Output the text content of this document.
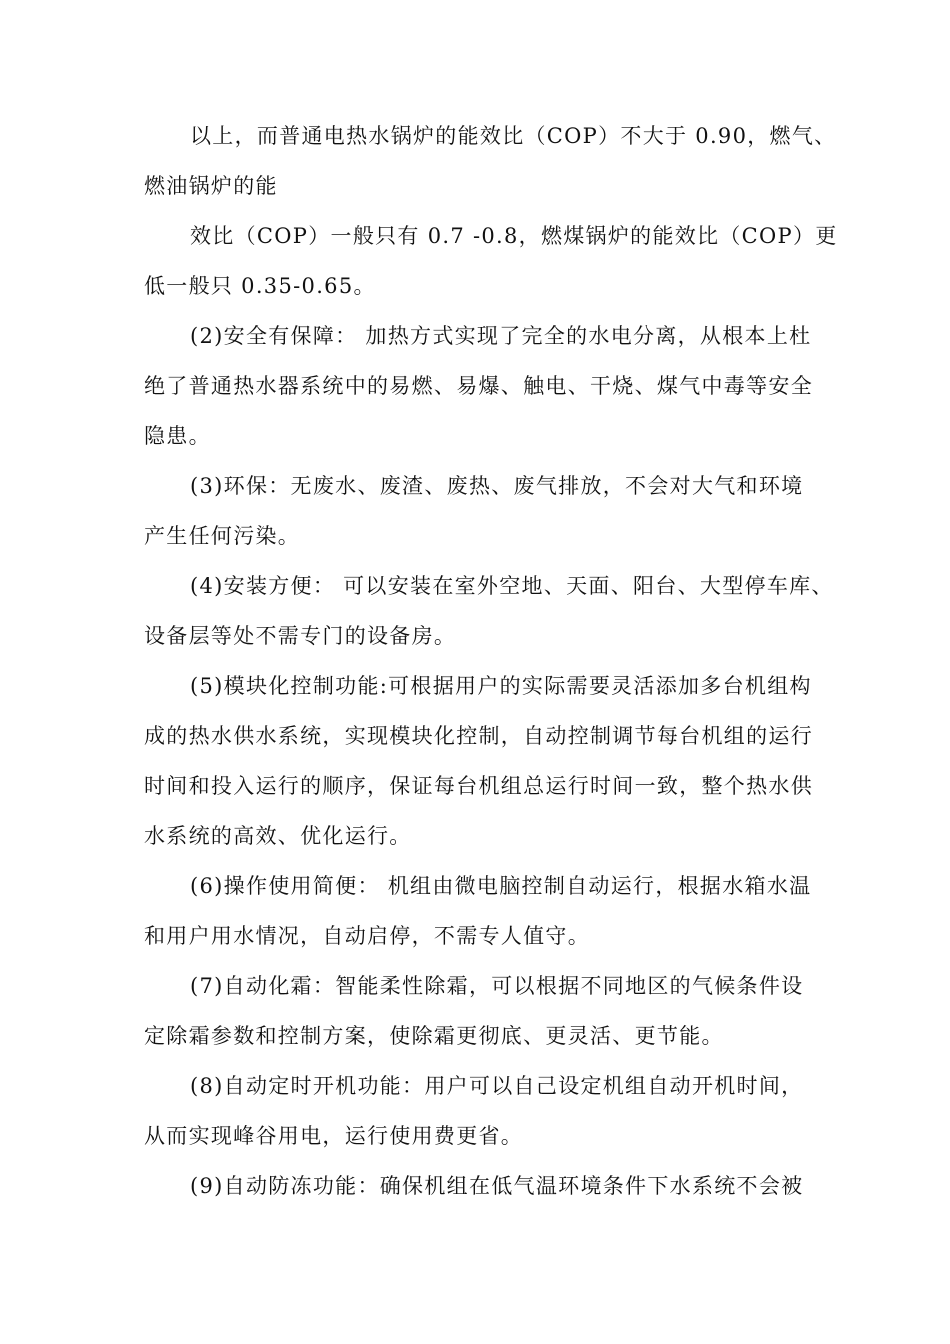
以上，而普通电热水锅炉的能效比（COP）不大于 0.90，燃气、
燃油锅炉的能
效比（COP）一般只有 0.7 -0.8，燃煤锅炉的能效比（COP）更
低一般只 0.35-0.65。
(2)安全有保障： 加热方式实现了完全的水电分离，从根本上杜
绝了普通热水器系统中的易燃、易爆、触电、干烧、煤气中毒等安全
隐患。
(3)环保：无废水、废渣、废热、废气排放，不会对大气和环境
产生任何污染。
(4)安装方便： 可以安装在室外空地、天面、阳台、大型停车库、
设备层等处不需专门的设备房。
(5)模块化控制功能:可根据用户的实际需要灵活添加多台机组构
成的热水供水系统，实现模块化控制，自动控制调节每台机组的运行
时间和投入运行的顺序，保证每台机组总运行时间一致，整个热水供
水系统的高效、优化运行。
(6)操作使用简便： 机组由微电脑控制自动运行，根据水箱水温
和用户用水情况，自动启停，不需专人值守。
(7)自动化霜：智能柔性除霜，可以根据不同地区的气候条件设
定除霜参数和控制方案，使除霜更彻底、更灵活、更节能。
(8)自动定时开机功能：用户可以自己设定机组自动开机时间，
从而实现峰谷用电，运行使用费更省。
(9)自动防冻功能：确保机组在低气温环境条件下水系统不会被
